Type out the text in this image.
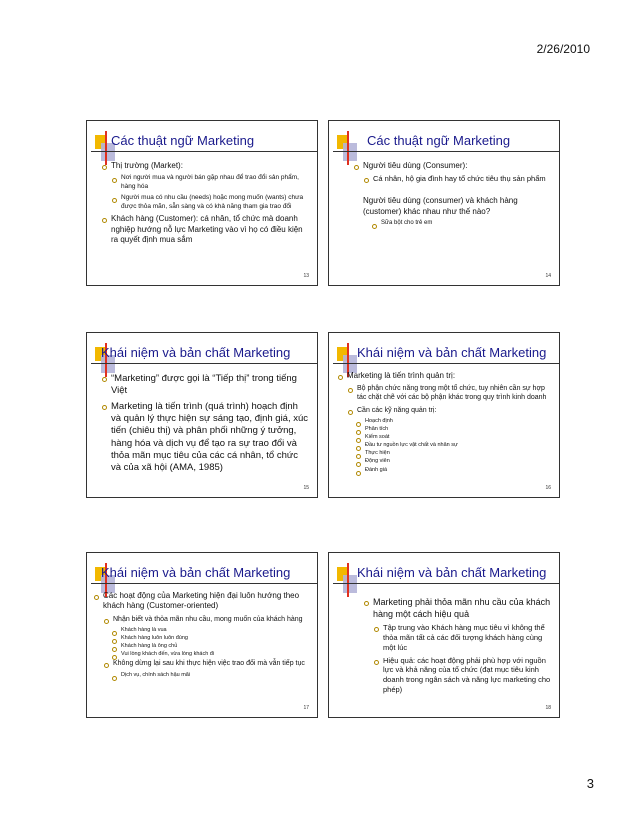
2/26/2010
Các thuật ngữ Marketing
Thị trường (Market):
Nơi người mua và người bán gặp nhau để trao đổi sản phẩm, hàng hóa
Người mua có nhu cầu (needs) hoặc mong muốn (wants) chưa được thỏa mãn, sẵn sàng và có khả năng tham gia trao đổi
Khách hàng (Customer): cá nhân, tổ chức mà doanh nghiệp hướng nỗ lực Marketing vào vì họ có điều kiện ra quyết định mua sắm
13
Các thuật ngữ Marketing
Người tiêu dùng (Consumer):
Cá nhân, hộ gia đình hay tổ chức tiêu thụ sản phẩm
Người tiêu dùng (consumer) và khách hàng (customer) khác nhau như thế nào?
Sữa bột cho trẻ em
14
Khái niệm và bản chất Marketing
“Marketing” được gọi là “Tiếp thị” trong tiếng Việt
Marketing là tiến trình (quá trình) hoạch định và quản lý thực hiện sự sáng tạo, định giá, xúc tiến (chiêu thị) và phân phối những ý tưởng, hàng hóa và dịch vụ để tạo ra sự trao đổi và thỏa mãn mục tiêu của các cá nhân, tổ chức và của xã hội (AMA, 1985)
15
Khái niệm và bản chất Marketing
Marketing là tiến trình quản trị:
Bộ phận chức năng trong một tổ chức, tuy nhiên cần sự hợp tác chặt chẽ với các bộ phận khác trong quy trình kinh doanh
Cần các kỹ năng quản trị:
Hoạch định
Phân tích
Kiểm soát
Đầu tư nguồn lực vật chất và nhân sự
Thực hiện
Động viên
Đánh giá
16
Khái niệm và bản chất Marketing
Các hoạt động của Marketing hiện đại luôn hướng theo khách hàng (Customer-oriented)
Nhận biết và thỏa mãn nhu cầu, mong muốn của khách hàng
Khách hàng là vua
Khách hàng luôn luôn đúng
Khách hàng là ông chủ
Vui lòng khách đến, vừa lòng khách đi
Không dừng lại sau khi thực hiện việc trao đổi mà vẫn tiếp tục
Dịch vụ, chính sách hậu mãi
17
Khái niệm và bản chất Marketing
Marketing phải thỏa mãn nhu cầu của khách hàng một cách hiệu quả
Tập trung vào Khách hàng mục tiêu vì không thể thỏa mãn tất cả các đối tượng khách hàng cùng một lúc
Hiệu quả: các hoạt động phải phù hợp với nguồn lực và khả năng của tổ chức (đạt mục tiêu kinh doanh trong ngân sách và năng lực marketing cho phép)
18
3
